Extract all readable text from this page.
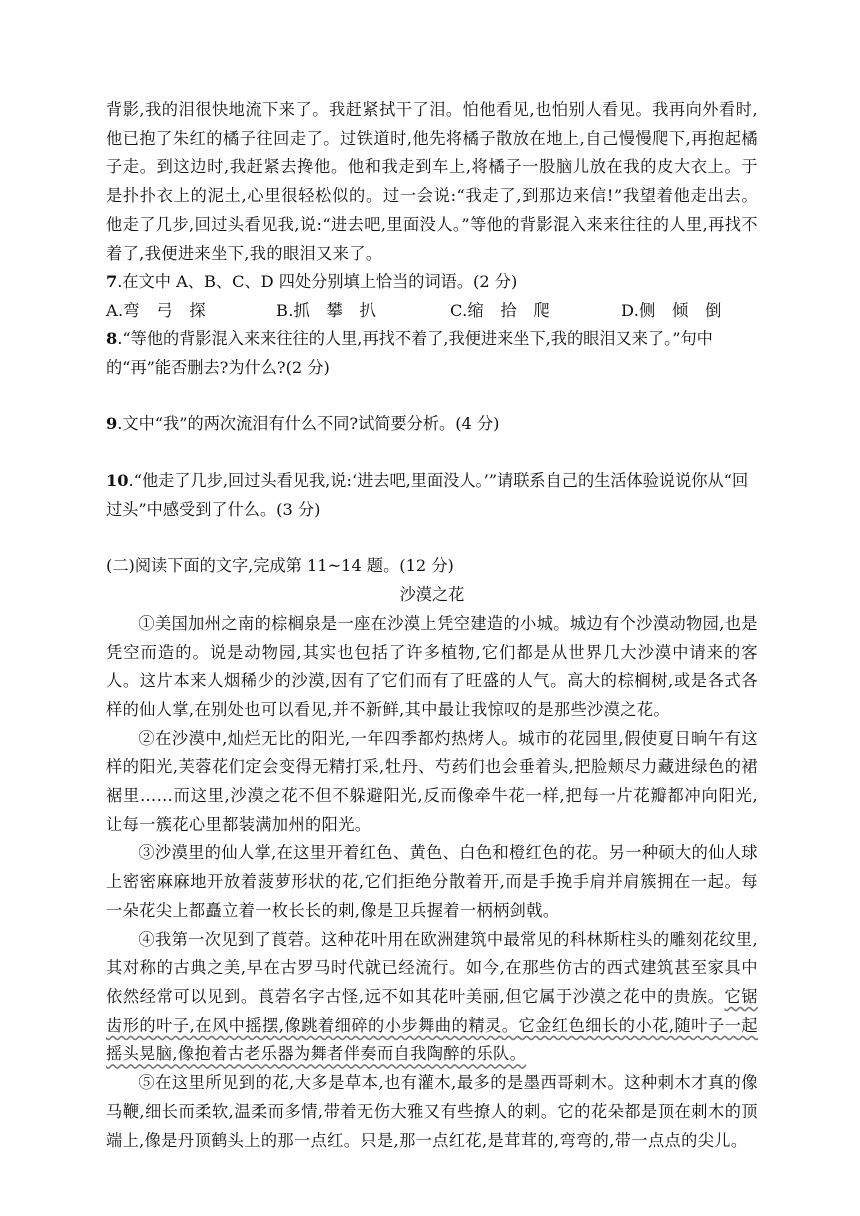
背影,我的泪很快地流下来了。我赶紧拭干了泪。怕他看见,也怕别人看见。我再向外看时,他已抱了朱红的橘子往回走了。过铁道时,他先将橘子散放在地上,自己慢慢爬下,再抱起橘子走。到这边时,我赶紧去搀他。他和我走到车上,将橘子一股脑儿放在我的皮大衣上。于是扑扑衣上的泥土,心里很轻松似的。过一会说:“我走了,到那边来信!”我望着他走出去。他走了几步,回过头看见我,说:“进去吧,里面没人。”等他的背影混入来来往往的人里,再找不着了,我便进来坐下,我的眼泪又来了。

7.在文中 A、B、C、D 四处分别填上恰当的词语。(2 分)

A.弯　弓　探	B.抓　攀　扒	C.缩　拾　爬	D.侧　倾　倒

8.“等他的背影混入来来往往的人里,再找不着了,我便进来坐下,我的眼泪又来了。”句中的“再”能否删去?为什么?(2 分)

9.文中“我”的两次流泪有什么不同?试简要分析。(4 分)

10.“他走了几步,回过头看见我,说:‘进去吧,里面没人。’”请联系自己的生活体验说说你从“回过头”中感受到了什么。(3 分)

(二)阅读下面的文字,完成第 11~14 题。(12 分)

沙漠之花

①美国加州之南的棕榈泉是一座在沙漠上凭空建造的小城。城边有个沙漠动物园,也是凭空而造的。说是动物园,其实也包括了许多植物,它们都是从世界几大沙漠中请来的客人。这片本来人烟稀少的沙漠,因有了它们而有了旺盛的人气。高大的棕榈树,或是各式各样的仙人掌,在别处也可以看见,并不新鲜,其中最让我惊叹的是那些沙漠之花。

②在沙漠中,灿烂无比的阳光,一年四季都灼热烤人。城市的花园里,假使夏日晌午有这样的阳光,芙蓉花们定会变得无精打采,牡丹、芍药们也会垂着头,把脸颊尽力藏进绿色的裙裾里……而这里,沙漠之花不但不躲避阳光,反而像牵牛花一样,把每一片花瓣都冲向阳光,让每一簇花心里都装满加州的阳光。

③沙漠里的仙人掌,在这里开着红色、黄色、白色和橙红色的花。另一种硕大的仙人球上密密麻麻地开放着菠萝形状的花,它们拒绝分散着开,而是手挽手肩并肩簇拥在一起。每一朵花尖上都矗立着一枚长长的刺,像是卫兵握着一柄柄剑戟。

④我第一次见到了莨菪。这种花叶用在欧洲建筑中最常见的科林斯柱头的雕刻花纹里,其对称的古典之美,早在古罗马时代就已经流行。如今,在那些仿古的西式建筑甚至家具中依然经常可以见到。莨菪名字古怪,远不如其花叶美丽,但它属于沙漠之花中的贵族。它锯齿形的叶子,在风中摇摆,像跳着细碎的小步舞曲的精灵。它金红色细长的小花,随叶子一起摇头晃脑,像抱着古老乐器为舞者伴奏而自我陶醉的乐队。

⑤在这里所见到的花,大多是草本,也有灌木,最多的是墨西哥刺木。这种刺木才真的像马鞭,细长而柔软,温柔而多情,带着无伤大雅又有些撩人的刺。它的花朵都是顶在刺木的顶端上,像是丹顶鹤头上的那一点红。只是,那一点红花,是茸茸的,弯弯的,带一点点的尖儿。
